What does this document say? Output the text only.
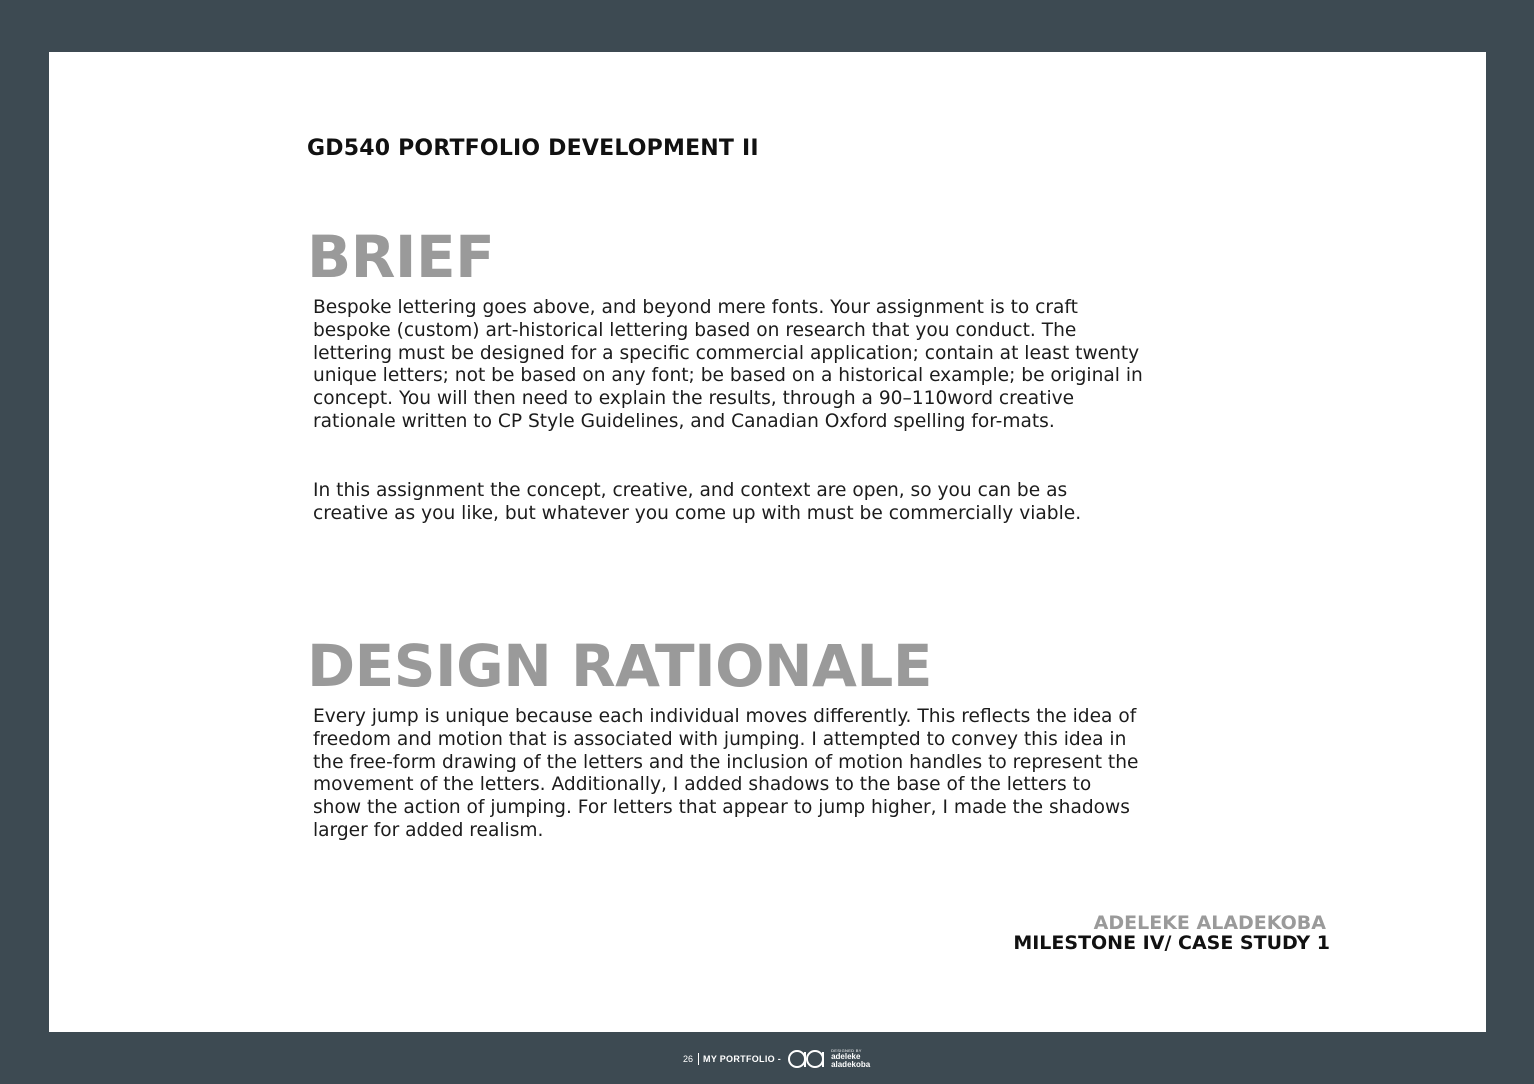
GD540 PORTFOLIO DEVELOPMENT II
BRIEF

Bespoke lettering goes above, and beyond mere fonts. Your assignment is to craft bespoke (custom) art-historical lettering based on research that you conduct. The lettering must be designed for a specific commercial application; contain at least twenty unique letters; not be based on any font; be based on a historical example; be original in concept. You will then need to explain the results, through a 90–110word creative rationale written to CP Style Guidelines, and Canadian Oxford spelling for-mats.

In this assignment the concept, creative, and context are open, so you can be as creative as you like, but whatever you come up with must be commercially viable.

DESIGN RATIONALE

Every jump is unique because each individual moves differently. This reflects the idea of freedom and motion that is associated with jumping. I attempted to convey this idea in the free-form drawing of the letters and the inclusion of motion handles to represent the movement of the letters. Additionally, I added shadows to the base of the letters to show the action of jumping. For letters that appear to jump higher, I made the shadows larger for added realism.

ADELEKE ALADEKOBA

MILESTONE IV/ CASE STUDY 1

26 MY PORTFOLIO -
DESIGNED BY
adeleke
aladekoba
